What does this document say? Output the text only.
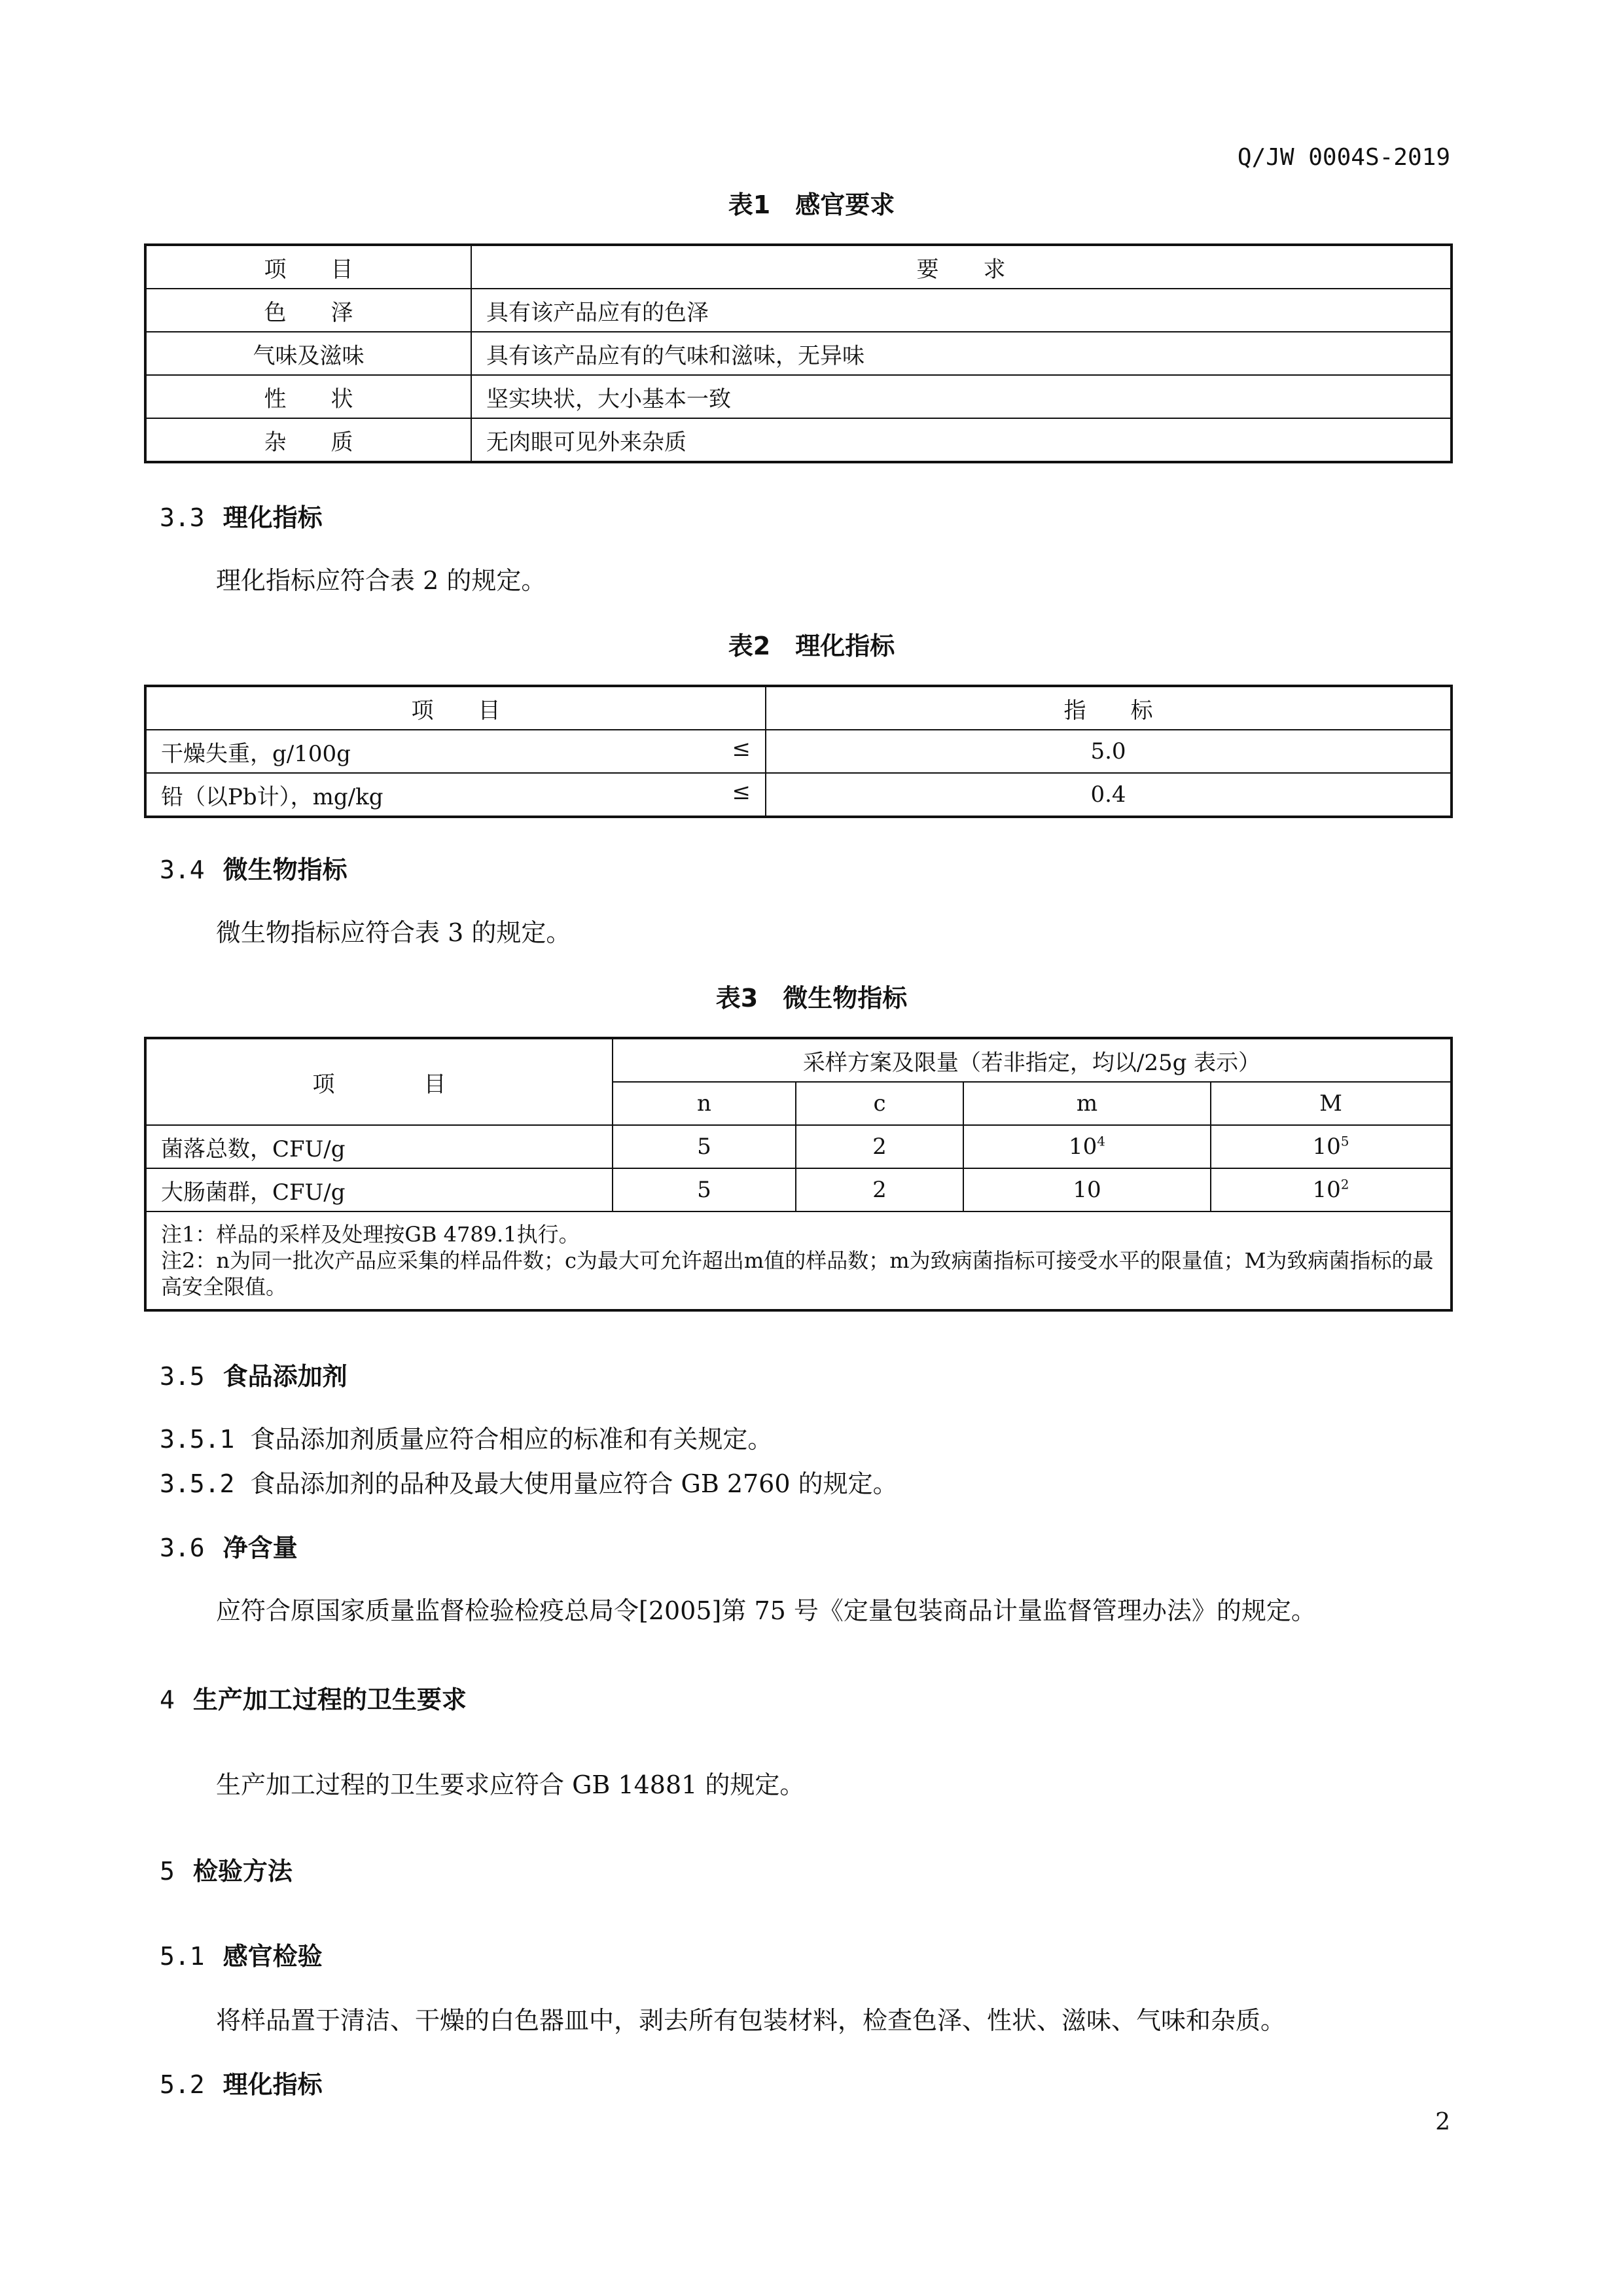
Q/JW 0004S-2019
表1　感官要求
项　　目	要　　求
色　　泽	具有该产品应有的色泽
气味及滋味	具有该产品应有的气味和滋味，无异味
性　　状	坚实块状，大小基本一致
杂　　质	无肉眼可见外来杂质
3.3 理化指标
理化指标应符合表 2 的规定。
表2　理化指标
项　　目	指　　标
干燥失重，g/100g ≤	5.0
铅（以Pb计），mg/kg ≤	0.4
3.4 微生物指标
微生物指标应符合表 3 的规定。
表3　微生物指标
项　　　　目	采样方案及限量（若非指定，均以/25g 表示）			
	n	c	m	M
菌落总数，CFU/g	5	2	$10^4$	$10^5$
大肠菌群，CFU/g	5	2	10	$10^2$

注1：样品的采样及处理按GB 4789.1执行。
注2：n为同一批次产品应采集的样品件数；c为最大可允许超出m值的样品数；m为致病菌指标可接受水平的限量值；M为致病菌指标的最高安全限值。				
3.5 食品添加剂
3.5.1 食品添加剂质量应符合相应的标准和有关规定。
3.5.2 食品添加剂的品种及最大使用量应符合 GB 2760 的规定。
3.6 净含量
应符合原国家质量监督检验检疫总局令[2005]第 75 号《定量包装商品计量监督管理办法》的规定。
4 生产加工过程的卫生要求
生产加工过程的卫生要求应符合 GB 14881 的规定。
5 检验方法
5.1 感官检验
将样品置于清洁、干燥的白色器皿中，剥去所有包装材料，检查色泽、性状、滋味、气味和杂质。
5.2 理化指标
2
